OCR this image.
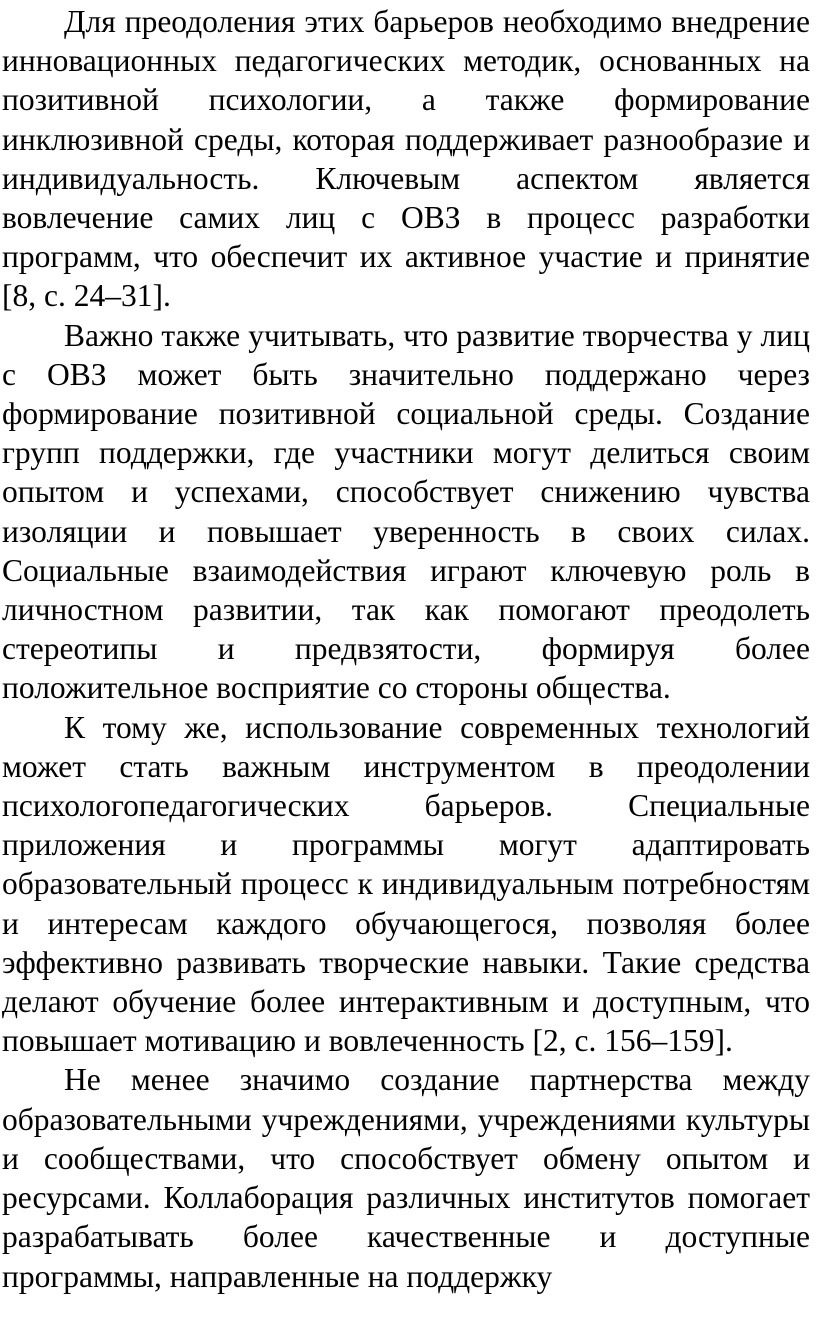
Для преодоления этих барьеров необходимо внедрение инновационных педагогических методик, основанных на позитивной психологии, а также формирование инклюзивной среды, которая поддерживает разнообразие и индивидуальность. Ключевым аспектом является вовлечение самих лиц с ОВЗ в процесс разработки программ, что обеспечит их активное участие и принятие [8, с. 24–31].

Важно также учитывать, что развитие творчества у лиц с ОВЗ может быть значительно поддержано через формирование позитивной социальной среды. Создание групп поддержки, где участники могут делиться своим опытом и успехами, способствует снижению чувства изоляции и повышает уверенность в своих силах. Социальные взаимодействия играют ключевую роль в личностном развитии, так как помогают преодолеть стереотипы и предвзятости, формируя более положительное восприятие со стороны общества.

К тому же, использование современных технологий может стать важным инструментом в преодолении психологопедагогических барьеров. Специальные приложения и программы могут адаптировать образовательный процесс к индивидуальным потребностям и интересам каждого обучающегося, позволяя более эффективно развивать творческие навыки. Такие средства делают обучение более интерактивным и доступным, что повышает мотивацию и вовлеченность [2, с. 156–159].

Не менее значимо создание партнерства между образовательными учреждениями, учреждениями культуры и сообществами, что способствует обмену опытом и ресурсами. Коллаборация различных институтов помогает разрабатывать более качественные и доступные программы, направленные на поддержку
